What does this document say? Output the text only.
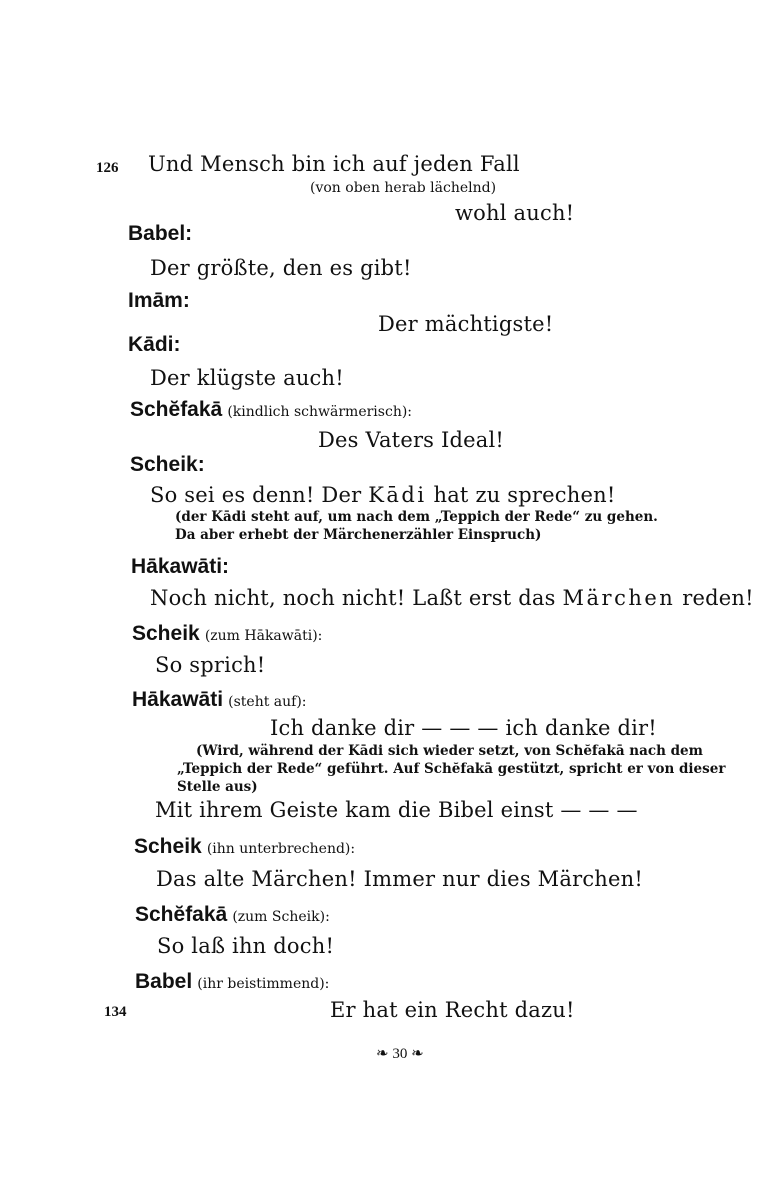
126 Und Mensch bin ich auf jeden Fall
(von oben herab lächelnd)
wohl auch!
Babel:
Der größte, den es gibt!
Imām:
Der mächtigste!
Kādi:
Der klügste auch!
Schĕfakā (kindlich schwärmerisch):
Des Vaters Ideal!
Scheik:
So sei es denn! Der Kādi hat zu sprechen!
(der Kādi steht auf, um nach dem „Teppich der Rede“ zu gehen.
Da aber erhebt der Märchenerzähler Einspruch)
Hākawāti:
Noch nicht, noch nicht! Laßt erst das Märchen reden!
Scheik (zum Hākawāti):
So sprich!
Hākawāti (steht auf):
Ich danke dir — — — ich danke dir!
(Wird, während der Kādi sich wieder setzt, von Schĕfakā nach dem
„Teppich der Rede“ geführt. Auf Schĕfakā gestützt, spricht er von dieser
Stelle aus)
Mit ihrem Geiste kam die Bibel einst — — —
Scheik (ihn unterbrechend):
Das alte Märchen! Immer nur dies Märchen!
Schĕfakā (zum Scheik):
So laß ihn doch!
Babel (ihr beistimmend):
134	Er hat ein Recht dazu!
❧ 30 ❧
